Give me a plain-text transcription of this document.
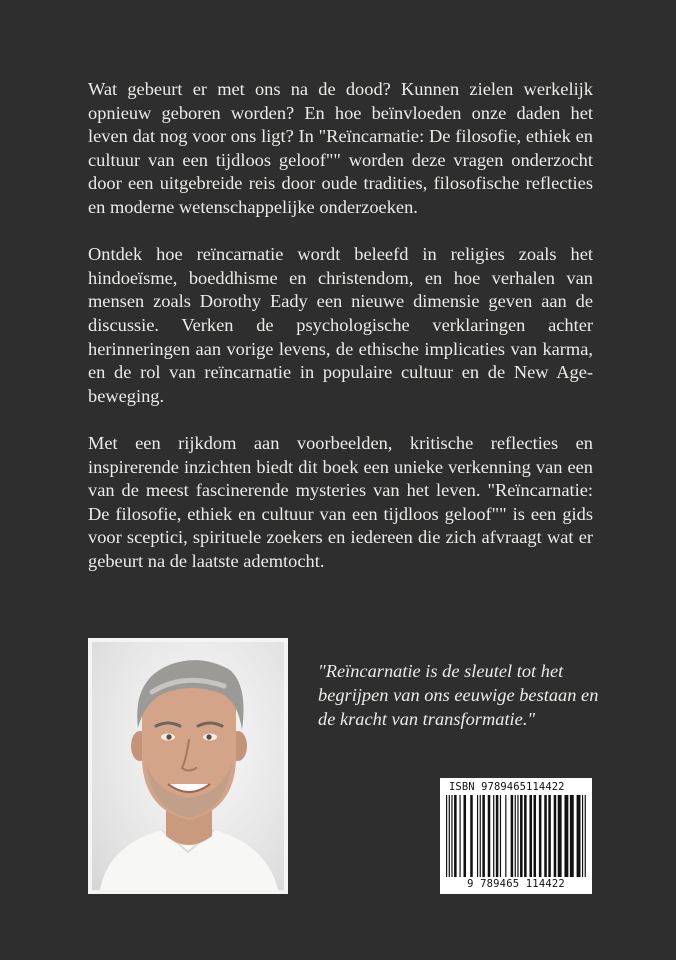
Wat gebeurt er met ons na de dood? Kunnen zielen werkelijk opnieuw geboren worden? En hoe beïnvloeden onze daden het leven dat nog voor ons ligt? In "Reïncarnatie: De filosofie, ethiek en cultuur van een tijdloos geloof"" worden deze vragen onderzocht door een uitgebreide reis door oude tradities, filosofische reflecties en moderne wetenschappelijke onderzoeken.

Ontdek hoe reïncarnatie wordt beleefd in religies zoals het hindoeïsme, boeddhisme en christendom, en hoe verhalen van mensen zoals Dorothy Eady een nieuwe dimensie geven aan de discussie. Verken de psychologische verklaringen achter herinneringen aan vorige levens, de ethische implicaties van karma, en de rol van reïncarnatie in populaire cultuur en de New Age-beweging.

Met een rijkdom aan voorbeelden, kritische reflecties en inspirerende inzichten biedt dit boek een unieke verkenning van een van de meest fascinerende mysteries van het leven. "Reïncarnatie: De filosofie, ethiek en cultuur van een tijdloos geloof"" is een gids voor sceptici, spirituele zoekers en iedereen die zich afvraagt wat er gebeurt na de laatste ademtocht.

"Reïncarnatie is de sleutel tot het begrijpen van ons eeuwige bestaan en de kracht van transformatie."
ISBN 9789465114422
9 789465 114422
